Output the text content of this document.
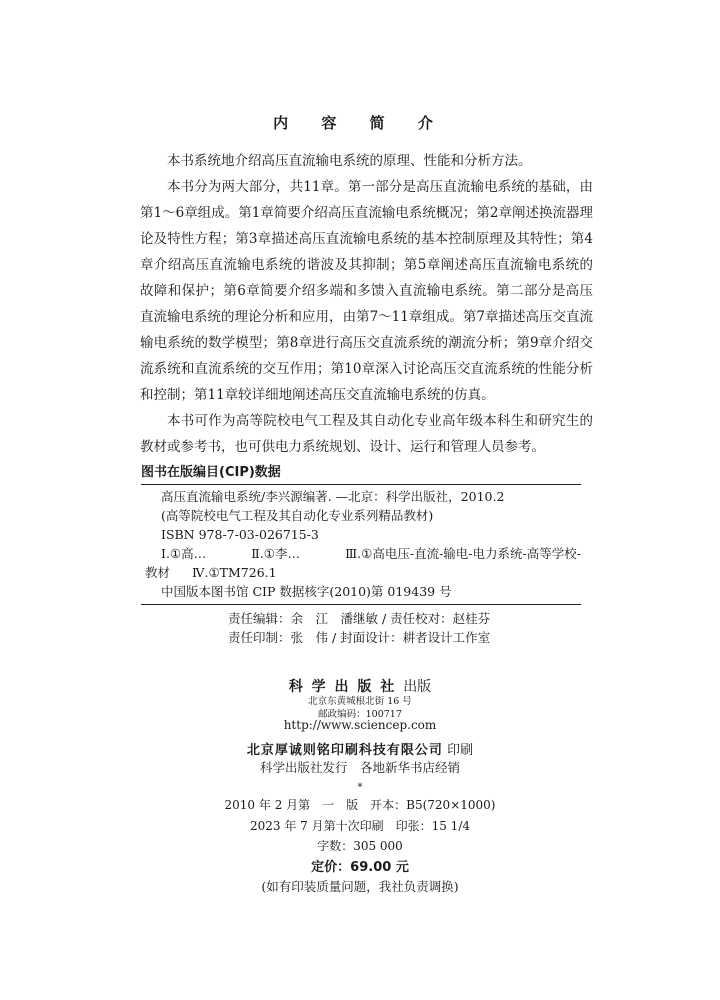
内 容 简 介

本书系统地介绍高压直流输电系统的原理、性能和分析方法。

本书分为两大部分，共11章。第一部分是高压直流输电系统的基础，由第1～6章组成。第1章简要介绍高压直流输电系统概况；第2章阐述换流器理论及特性方程；第3章描述高压直流输电系统的基本控制原理及其特性；第4章介绍高压直流输电系统的谐波及其抑制；第5章阐述高压直流输电系统的故障和保护；第6章简要介绍多端和多馈入直流输电系统。第二部分是高压直流输电系统的理论分析和应用，由第7～11章组成。第7章描述高压交直流输电系统的数学模型；第8章进行高压交直流系统的潮流分析；第9章介绍交流系统和直流系统的交互作用；第10章深入讨论高压交直流系统的性能分析和控制；第11章较详细地阐述高压交直流输电系统的仿真。

本书可作为高等院校电气工程及其自动化专业高年级本科生和研究生的教材或参考书，也可供电力系统规划、设计、运行和管理人员参考。

图书在版编目(CIP)数据
高压直流输电系统/李兴源编著. —北京：科学出版社，2010.2
(高等院校电气工程及其自动化专业系列精品教材)
ISBN 978-7-03-026715-3
Ⅰ.①高…	Ⅱ.①李…	Ⅲ.①高电压-直流-输电-电力系统-高等学校-
教材 Ⅳ.①TM726.1
中国版本图书馆 CIP 数据核字(2010)第 019439 号
责任编辑：余　江　潘继敏 / 责任校对：赵桂芬
责任印制：张　伟 / 封面设计：耕者设计工作室
科 学 出 版 社 出版
北京东黄城根北街 16 号
邮政编码：100717
http://www.sciencep.com
北京厚诚则铭印刷科技有限公司 印刷
科学出版社发行　各地新华书店经销
*
2010 年 2 月第　一　版　开本：B5(720×1000)
2023 年 7 月第十次印刷　印张：15 1/4
字数：305 000
定价：69.00 元
(如有印装质量问题，我社负责调换)
